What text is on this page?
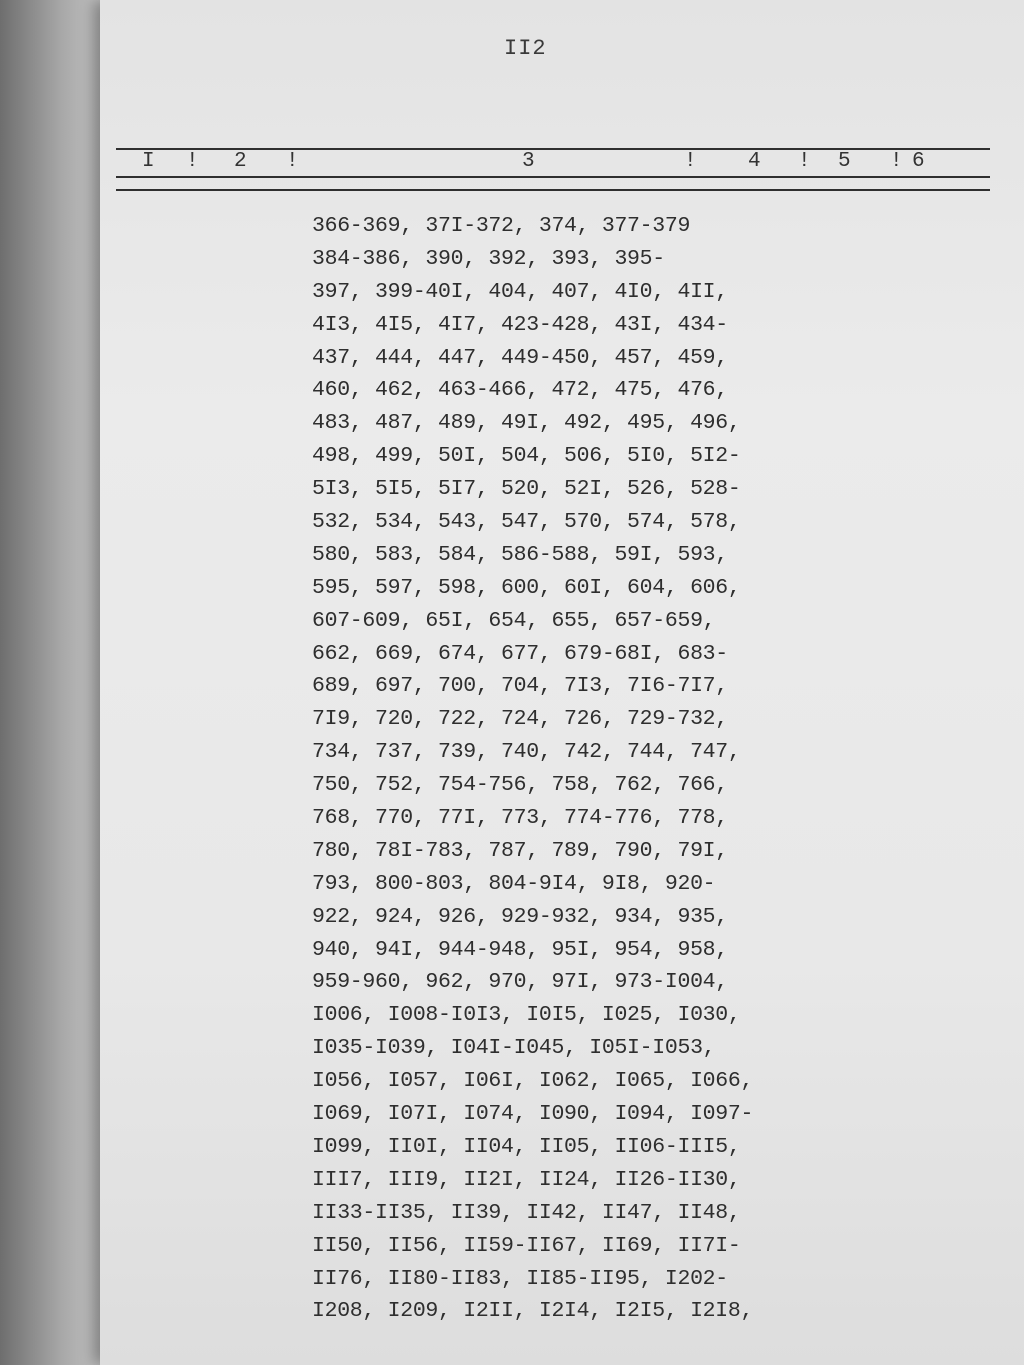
II2
I ! 2 !	3	! 4 ! 5 ! 6
366-369, 37I-372, 374, 377-379
384-386, 390, 392, 393, 395-
397, 399-40I, 404, 407, 4I0, 4II,
4I3, 4I5, 4I7, 423-428, 43I, 434-
437, 444, 447, 449-450, 457, 459,
460, 462, 463-466, 472, 475, 476,
483, 487, 489, 49I, 492, 495, 496,
498, 499, 50I, 504, 506, 5I0, 5I2-
5I3, 5I5, 5I7, 520, 52I, 526, 528-
532, 534, 543, 547, 570, 574, 578,
580, 583, 584, 586-588, 59I, 593,
595, 597, 598, 600, 60I, 604, 606,
607-609, 65I, 654, 655, 657-659,
662, 669, 674, 677, 679-68I, 683-
689, 697, 700, 704, 7I3, 7I6-7I7,
7I9, 720, 722, 724, 726, 729-732,
734, 737, 739, 740, 742, 744, 747,
750, 752, 754-756, 758, 762, 766,
768, 770, 77I, 773, 774-776, 778,
780, 78I-783, 787, 789, 790, 79I,
793, 800-803, 804-9I4, 9I8, 920-
922, 924, 926, 929-932, 934, 935,
940, 94I, 944-948, 95I, 954, 958,
959-960, 962, 970, 97I, 973-I004,
I006, I008-I0I3, I0I5, I025, I030,
I035-I039, I04I-I045, I05I-I053,
I056, I057, I06I, I062, I065, I066,
I069, I07I, I074, I090, I094, I097-
I099, II0I, II04, II05, II06-III5,
III7, III9, II2I, II24, II26-II30,
II33-II35, II39, II42, II47, II48,
II50, II56, II59-II67, II69, II7I-
II76, II80-II83, II85-II95, I202-
I208, I209, I2II, I2I4, I2I5, I2I8,
